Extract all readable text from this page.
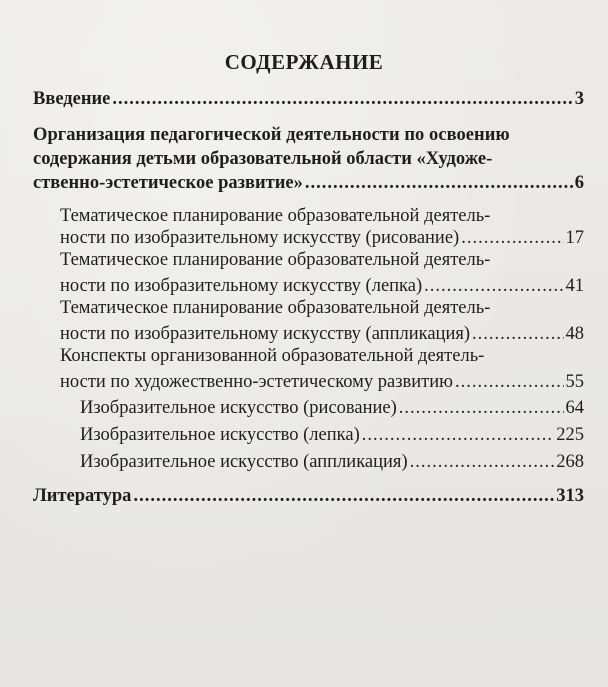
СОДЕРЖАНИЕ
Введение .....	3
Организация педагогической деятельности по освоению
содержания детьми образовательной области «Художе-
ственно-эстетическое развитие» .....	6
Тематическое планирование образовательной деятель-
ности по изобразительному искусству (рисование) .....	17
Тематическое планирование образовательной деятель-
ности по изобразительному искусству (лепка) .....	41
Тематическое планирование образовательной деятель-
ности по изобразительному искусству (аппликация) .....	48
Конспекты организованной образовательной деятель-
ности по художественно-эстетическому развитию .....	55
Изобразительное искусство (рисование) .....	64
Изобразительное искусство (лепка) .....	225
Изобразительное искусство (аппликация) .....	268
Литература .....	313
